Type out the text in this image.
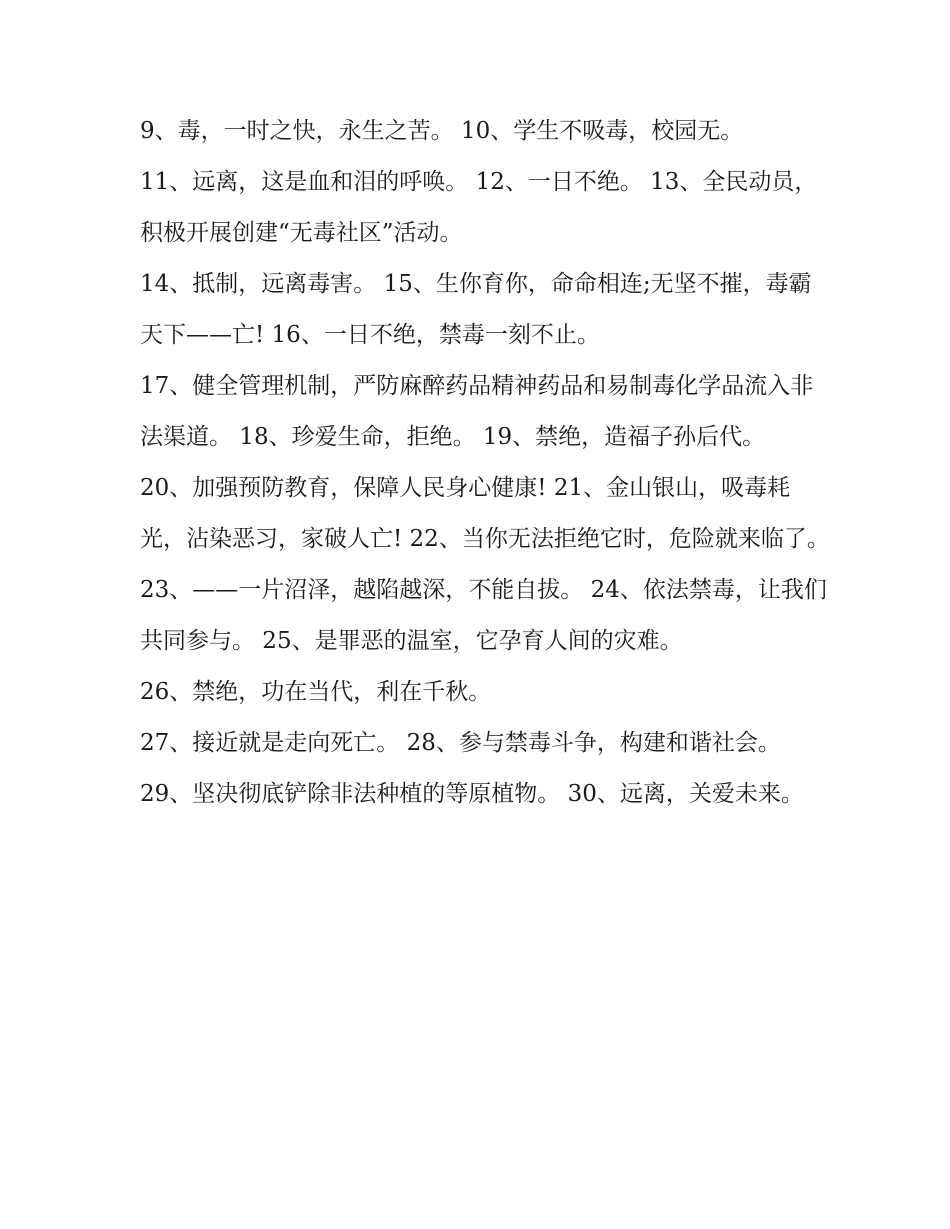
9、毒，一时之快，永生之苦。 10、学生不吸毒，校园无。

11、远离，这是血和泪的呼唤。 12、一日不绝。 13、全民动员，积极开展创建“无毒社区”活动。

14、抵制，远离毒害。 15、生你育你，命命相连;无坚不摧，毒霸天下——亡! 16、一日不绝，禁毒一刻不止。

17、健全管理机制，严防麻醉药品精神药品和易制毒化学品流入非法渠道。 18、珍爱生命，拒绝。 19、禁绝，造福子孙后代。

20、加强预防教育，保障人民身心健康! 21、金山银山，吸毒耗光，沾染恶习，家破人亡! 22、当你无法拒绝它时，危险就来临了。

23、——一片沼泽，越陷越深，不能自拔。 24、依法禁毒，让我们共同参与。 25、是罪恶的温室，它孕育人间的灾难。

26、禁绝，功在当代，利在千秋。

27、接近就是走向死亡。 28、参与禁毒斗争，构建和谐社会。 29、坚决彻底铲除非法种植的等原植物。 30、远离，关爱未来。
